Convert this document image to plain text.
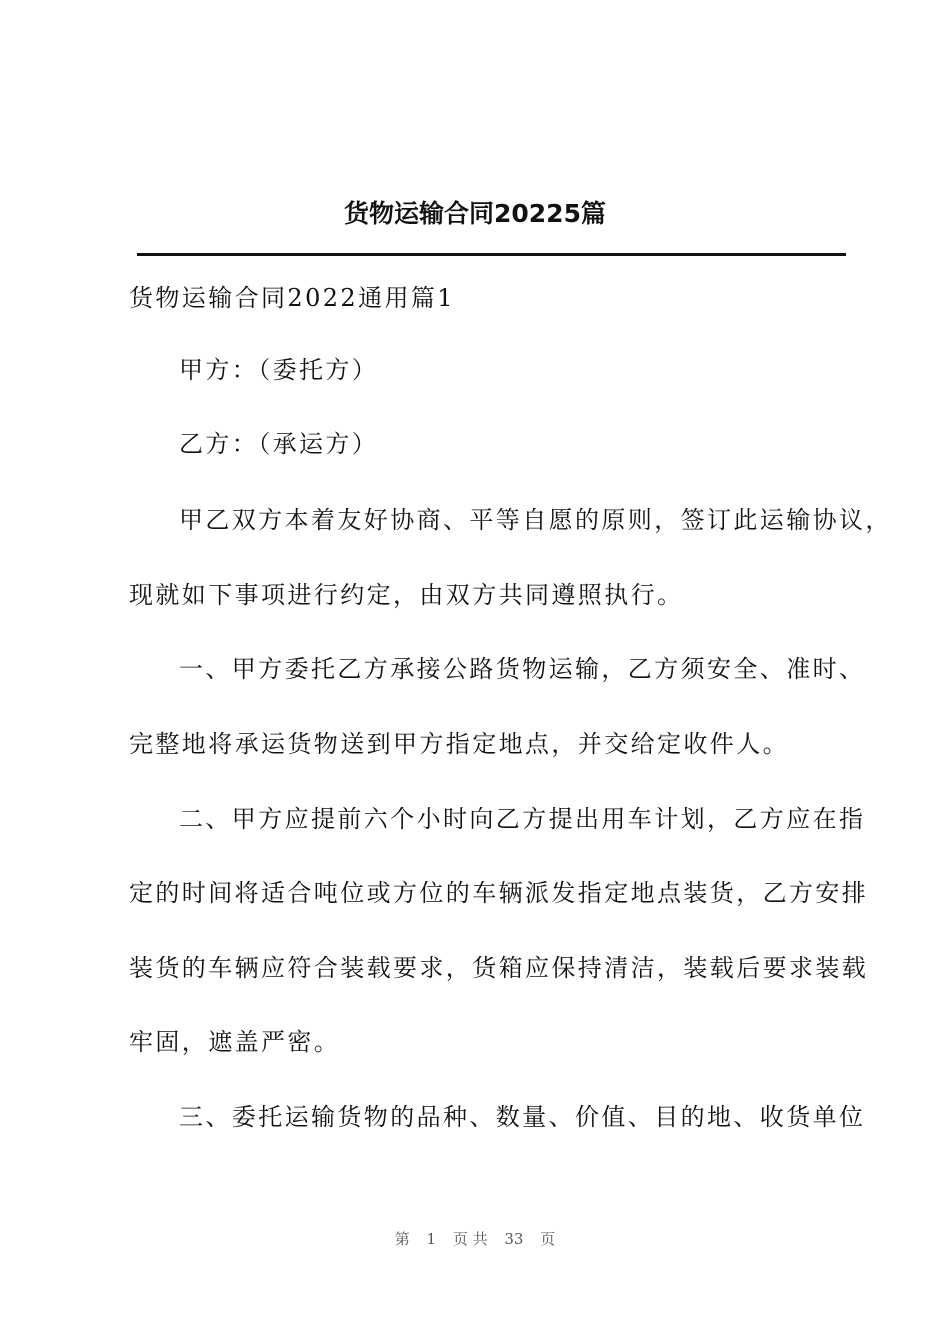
货物运输合同20225篇
货物运输合同2022通用篇1
甲方：（委托方）
乙方：（承运方）
甲乙双方本着友好协商、平等自愿的原则，签订此运输协议，
现就如下事项进行约定，由双方共同遵照执行。
一、甲方委托乙方承接公路货物运输，乙方须安全、准时、
完整地将承运货物送到甲方指定地点，并交给定收件人。
二、甲方应提前六个小时向乙方提出用车计划，乙方应在指
定的时间将适合吨位或方位的车辆派发指定地点装货，乙方安排
装货的车辆应符合装载要求，货箱应保持清洁，装载后要求装载
牢固，遮盖严密。
三、委托运输货物的品种、数量、价值、目的地、收货单位
第 1 页 共 33 页
